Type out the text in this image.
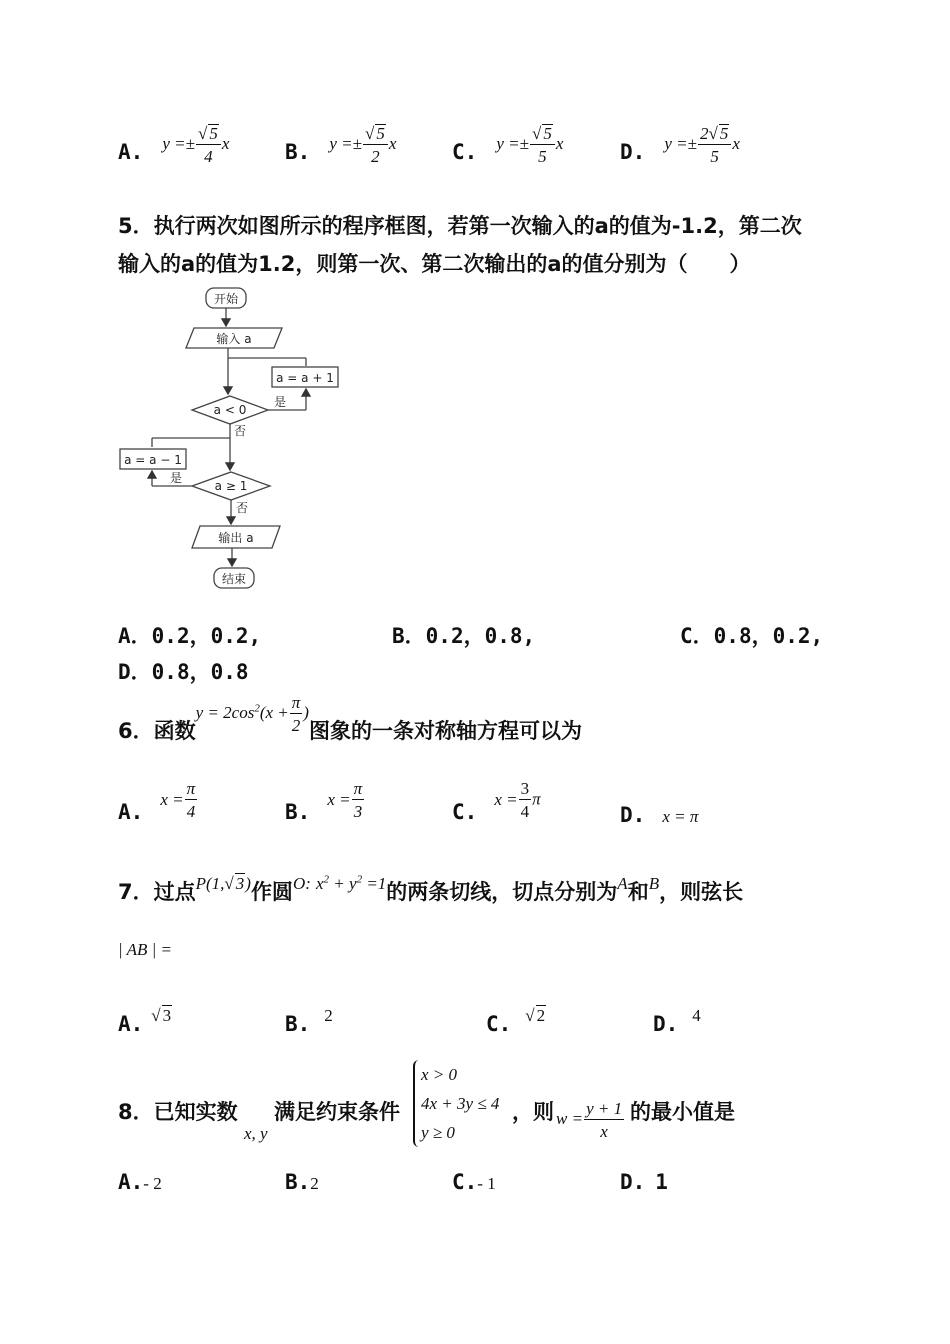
A. $y =\pm \frac{√ 5}{4}$ x	B. $y =\pm \frac{√ 5}{2}$ x	C. $y =\pm \frac{√ 5}{5}$ x	D. $y =\pm \frac{2√ 5}{5}$ x
5．执行两次如图所示的程序框图，若第一次输入的a的值为-1.2，第二次
输入的a的值为1.2，则第一次、第二次输出的a的值分别为（　　）
开始
输入 a
a = a + 1
a < 0
是
否
a = a − 1
a ≥ 1
是
否
输出 a
结束
A．0.2，0.2,	B．0.2，0.8,	C．0.8，0.2,
D．0.8，0.8
6．函数$y = 2\cos^2(x + \frac{\pi}{2}$ )图象的一条对称轴方程可以为
A. $x = \frac{\pi}{4}$	B. $x = \frac{\pi}{3}$	C. $x = \frac{3}{4}$ π
D. x = π
7．过点P(1,√ 3)作圆O: $x^2 + y^2 =1$的两条切线，切点分别为A和B，则弦长
| AB | =
A. √ 3	B. 2	C. √ 2	D. 4
8．已知实数
x, y
满足约束条件
x > 0
4x + 3y ≤ 4
y ≥ 0
，则 $w = \frac{y + 1}{x}$ 的最小值是
A.- 2	B.2	C.- 1	D. 1
